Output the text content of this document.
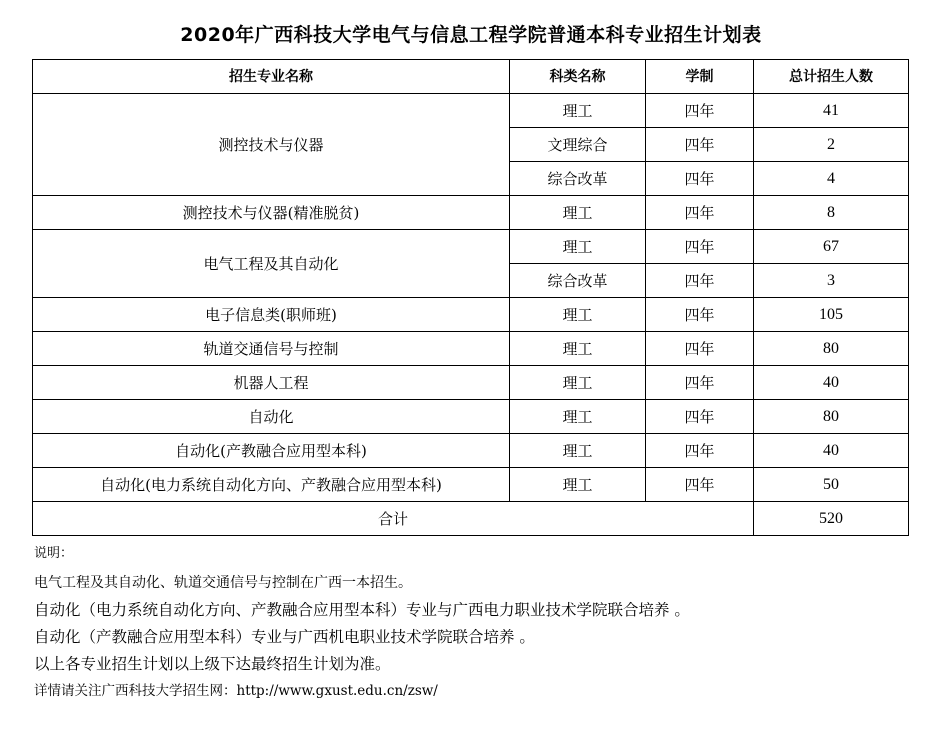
2020年广西科技大学电气与信息工程学院普通本科专业招生计划表
招生专业名称	科类名称	学制	总计招生人数
测控技术与仪器	理工	四年	41
	文理综合	四年	2
	综合改革	四年	4
测控技术与仪器(精准脱贫)	理工	四年	8
电气工程及其自动化	理工	四年	67
	综合改革	四年	3
电子信息类(职师班)	理工	四年	105
轨道交通信号与控制	理工	四年	80
机器人工程	理工	四年	40
自动化	理工	四年	80
自动化(产教融合应用型本科)	理工	四年	40
自动化(电力系统自动化方向、产教融合应用型本科)	理工	四年	50
合计			520
说明：
电气工程及其自动化、轨道交通信号与控制在广西一本招生。
自动化（电力系统自动化方向、产教融合应用型本科）专业与广西电力职业技术学院联合培养 。
自动化（产教融合应用型本科）专业与广西机电职业技术学院联合培养 。
以上各专业招生计划以上级下达最终招生计划为准。
详情请关注广西科技大学招生网：http://www.gxust.edu.cn/zsw/
